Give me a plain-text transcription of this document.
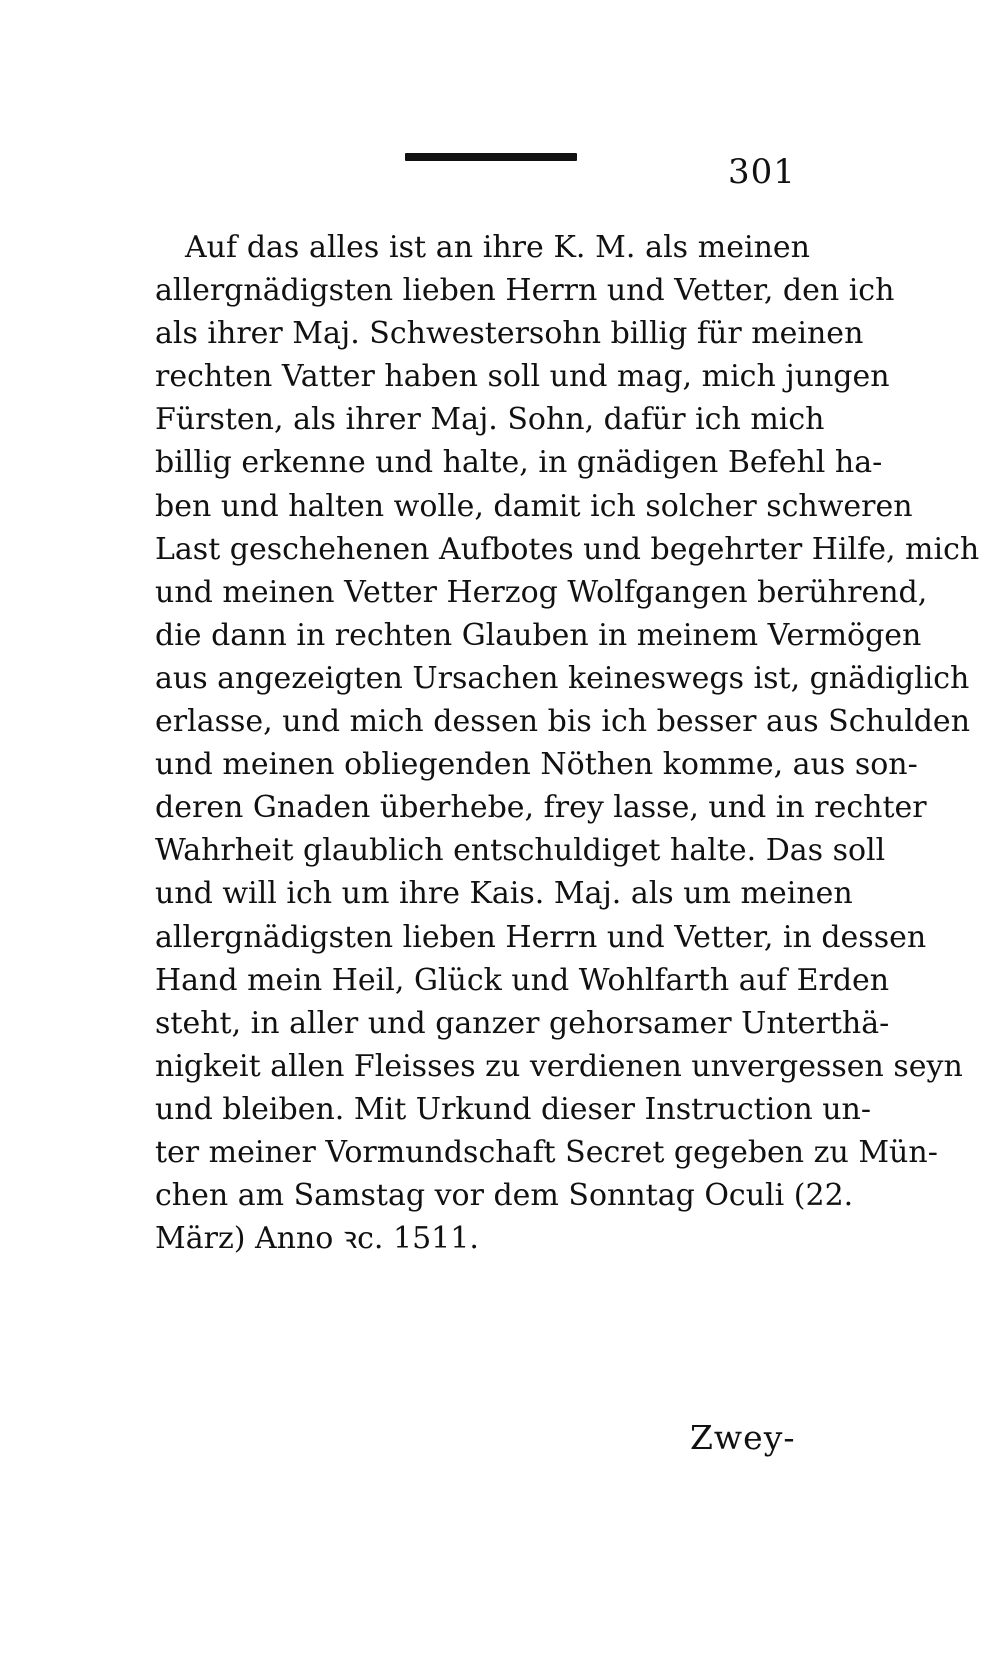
301
Auf das alles ist an ihre K. M. als meinen
allergnädigsten lieben Herrn und Vetter, den ich
als ihrer Maj. Schwestersohn billig für meinen
rechten Vatter haben soll und mag, mich jungen
Fürsten, als ihrer Maj. Sohn, dafür ich mich
billig erkenne und halte, in gnädigen Befehl ha-
ben und halten wolle, damit ich solcher schweren
Last geschehenen Aufbotes und begehrter Hilfe, mich
und meinen Vetter Herzog Wolfgangen berührend,
die dann in rechten Glauben in meinem Vermögen
aus angezeigten Ursachen keineswegs ist, gnädiglich
erlasse, und mich dessen bis ich besser aus Schulden
und meinen obliegenden Nöthen komme, aus son-
deren Gnaden überhebe, frey lasse, und in rechter
Wahrheit glaublich entschuldiget halte. Das soll
und will ich um ihre Kais. Maj. als um meinen
allergnädigsten lieben Herrn und Vetter, in dessen
Hand mein Heil, Glück und Wohlfarth auf Erden
steht, in aller und ganzer gehorsamer Unterthä-
nigkeit allen Fleisses zu verdienen unvergessen seyn
und bleiben. Mit Urkund dieser Instruction un-
ter meiner Vormundschaft Secret gegeben zu Mün-
chen am Samstag vor dem Sonntag Oculi (22.
März) Anno ꝛc. 1511.
Zwey-
